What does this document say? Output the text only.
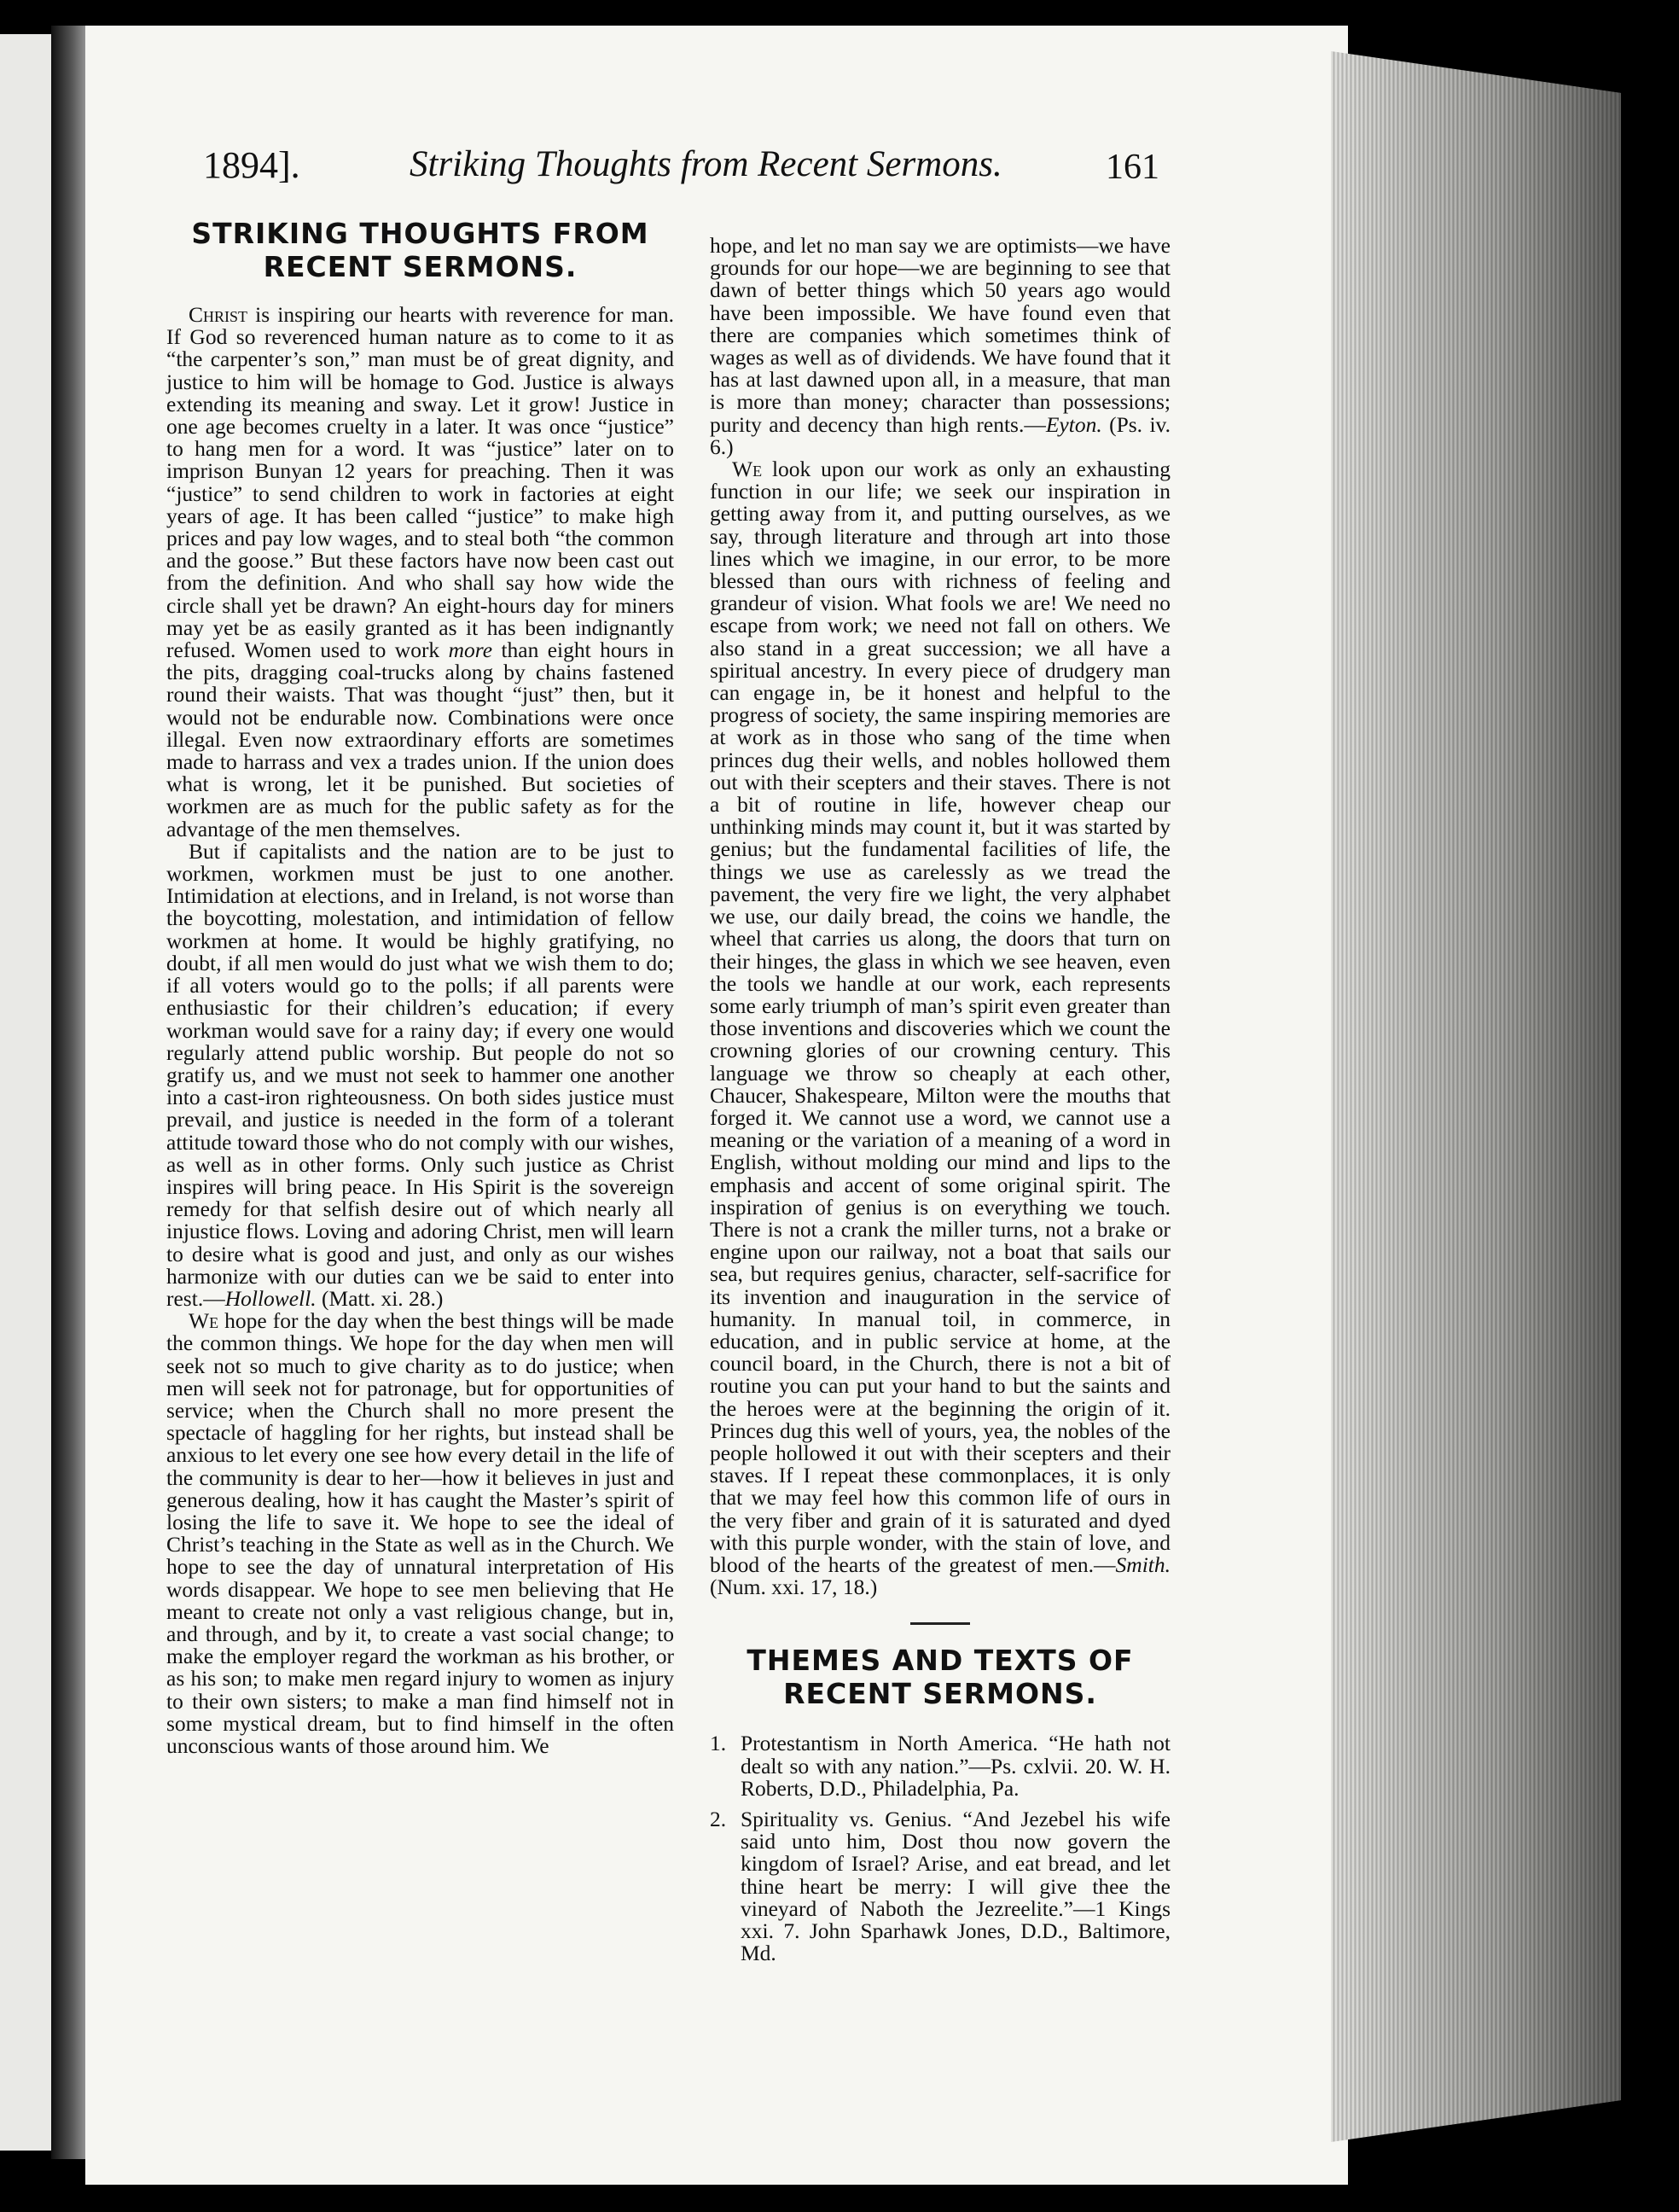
1894].	Striking Thoughts from Recent Sermons.	161
STRIKING THOUGHTS FROM RECENT SERMONS.

Christ is inspiring our hearts with reverence for man. If God so reverenced human nature as to come to it as “the carpenter’s son,” man must be of great dignity, and justice to him will be homage to God. Justice is always extending its meaning and sway. Let it grow! Justice in one age becomes cruelty in a later. It was once “justice” to hang men for a word. It was “justice” later on to imprison Bunyan 12 years for preaching. Then it was “justice” to send children to work in factories at eight years of age. It has been called “justice” to make high prices and pay low wages, and to steal both “the common and the goose.” But these factors have now been cast out from the definition. And who shall say how wide the circle shall yet be drawn? An eight-hours day for miners may yet be as easily granted as it has been indignantly refused. Women used to work more than eight hours in the pits, dragging coal-trucks along by chains fastened round their waists. That was thought “just” then, but it would not be endurable now. Combinations were once illegal. Even now extraordinary efforts are sometimes made to harrass and vex a trades union. If the union does what is wrong, let it be punished. But societies of workmen are as much for the public safety as for the advantage of the men themselves.

But if capitalists and the nation are to be just to workmen, workmen must be just to one another. Intimidation at elections, and in Ireland, is not worse than the boycotting, molestation, and intimidation of fellow workmen at home. It would be highly gratifying, no doubt, if all men would do just what we wish them to do; if all voters would go to the polls; if all parents were enthusiastic for their children’s education; if every workman would save for a rainy day; if every one would regularly attend public worship. But people do not so gratify us, and we must not seek to hammer one another into a cast-iron righteousness. On both sides justice must prevail, and justice is needed in the form of a tolerant attitude toward those who do not comply with our wishes, as well as in other forms. Only such justice as Christ inspires will bring peace. In His Spirit is the sovereign remedy for that selfish desire out of which nearly all injustice flows. Loving and adoring Christ, men will learn to desire what is good and just, and only as our wishes harmonize with our duties can we be said to enter into rest.—Hollowell. (Matt. xi. 28.)

We hope for the day when the best things will be made the common things. We hope for the day when men will seek not so much to give charity as to do justice; when men will seek not for patronage, but for opportunities of service; when the Church shall no more present the spectacle of haggling for her rights, but instead shall be anxious to let every one see how every detail in the life of the community is dear to her—how it believes in just and generous dealing, how it has caught the Master’s spirit of losing the life to save it. We hope to see the ideal of Christ’s teaching in the State as well as in the Church. We hope to see the day of unnatural interpretation of His words disappear. We hope to see men believing that He meant to create not only a vast religious change, but in, and through, and by it, to create a vast social change; to make the employer regard the workman as his brother, or as his son; to make men regard injury to women as injury to their own sisters; to make a man find himself not in some mystical dream, but to find himself in the often unconscious wants of those around him. We

hope, and let no man say we are optimists—we have grounds for our hope—we are beginning to see that dawn of better things which 50 years ago would have been impossible. We have found even that there are companies which sometimes think of wages as well as of dividends. We have found that it has at last dawned upon all, in a measure, that man is more than money; character than possessions; purity and decency than high rents.—Eyton. (Ps. iv. 6.)

We look upon our work as only an exhausting function in our life; we seek our inspiration in getting away from it, and putting ourselves, as we say, through literature and through art into those lines which we imagine, in our error, to be more blessed than ours with richness of feeling and grandeur of vision. What fools we are! We need no escape from work; we need not fall on others. We also stand in a great succession; we all have a spiritual ancestry. In every piece of drudgery man can engage in, be it honest and helpful to the progress of society, the same inspiring memories are at work as in those who sang of the time when princes dug their wells, and nobles hollowed them out with their scepters and their staves. There is not a bit of routine in life, however cheap our unthinking minds may count it, but it was started by genius; but the fundamental facilities of life, the things we use as carelessly as we tread the pavement, the very fire we light, the very alphabet we use, our daily bread, the coins we handle, the wheel that carries us along, the doors that turn on their hinges, the glass in which we see heaven, even the tools we handle at our work, each represents some early triumph of man’s spirit even greater than those inventions and discoveries which we count the crowning glories of our crowning century. This language we throw so cheaply at each other, Chaucer, Shakespeare, Milton were the mouths that forged it. We cannot use a word, we cannot use a meaning or the variation of a meaning of a word in English, without molding our mind and lips to the emphasis and accent of some original spirit. The inspiration of genius is on everything we touch. There is not a crank the miller turns, not a brake or engine upon our railway, not a boat that sails our sea, but requires genius, character, self-sacrifice for its invention and inauguration in the service of humanity. In manual toil, in commerce, in education, and in public service at home, at the council board, in the Church, there is not a bit of routine you can put your hand to but the saints and the heroes were at the beginning the origin of it. Princes dug this well of yours, yea, the nobles of the people hollowed it out with their scepters and their staves. If I repeat these commonplaces, it is only that we may feel how this common life of ours in the very fiber and grain of it is saturated and dyed with this purple wonder, with the stain of love, and blood of the hearts of the greatest of men.—Smith. (Num. xxi. 17, 18.)

THEMES AND TEXTS OF RECENT SERMONS.
1. Protestantism in North America. “He hath not dealt so with any nation.”—Ps. cxlvii. 20. W. H. Roberts, D.D., Philadelphia, Pa.
2. Spirituality vs. Genius. “And Jezebel his wife said unto him, Dost thou now govern the kingdom of Israel? Arise, and eat bread, and let thine heart be merry: I will give thee the vineyard of Naboth the Jezreelite.”—1 Kings xxi. 7. John Sparhawk Jones, D.D., Baltimore, Md.
